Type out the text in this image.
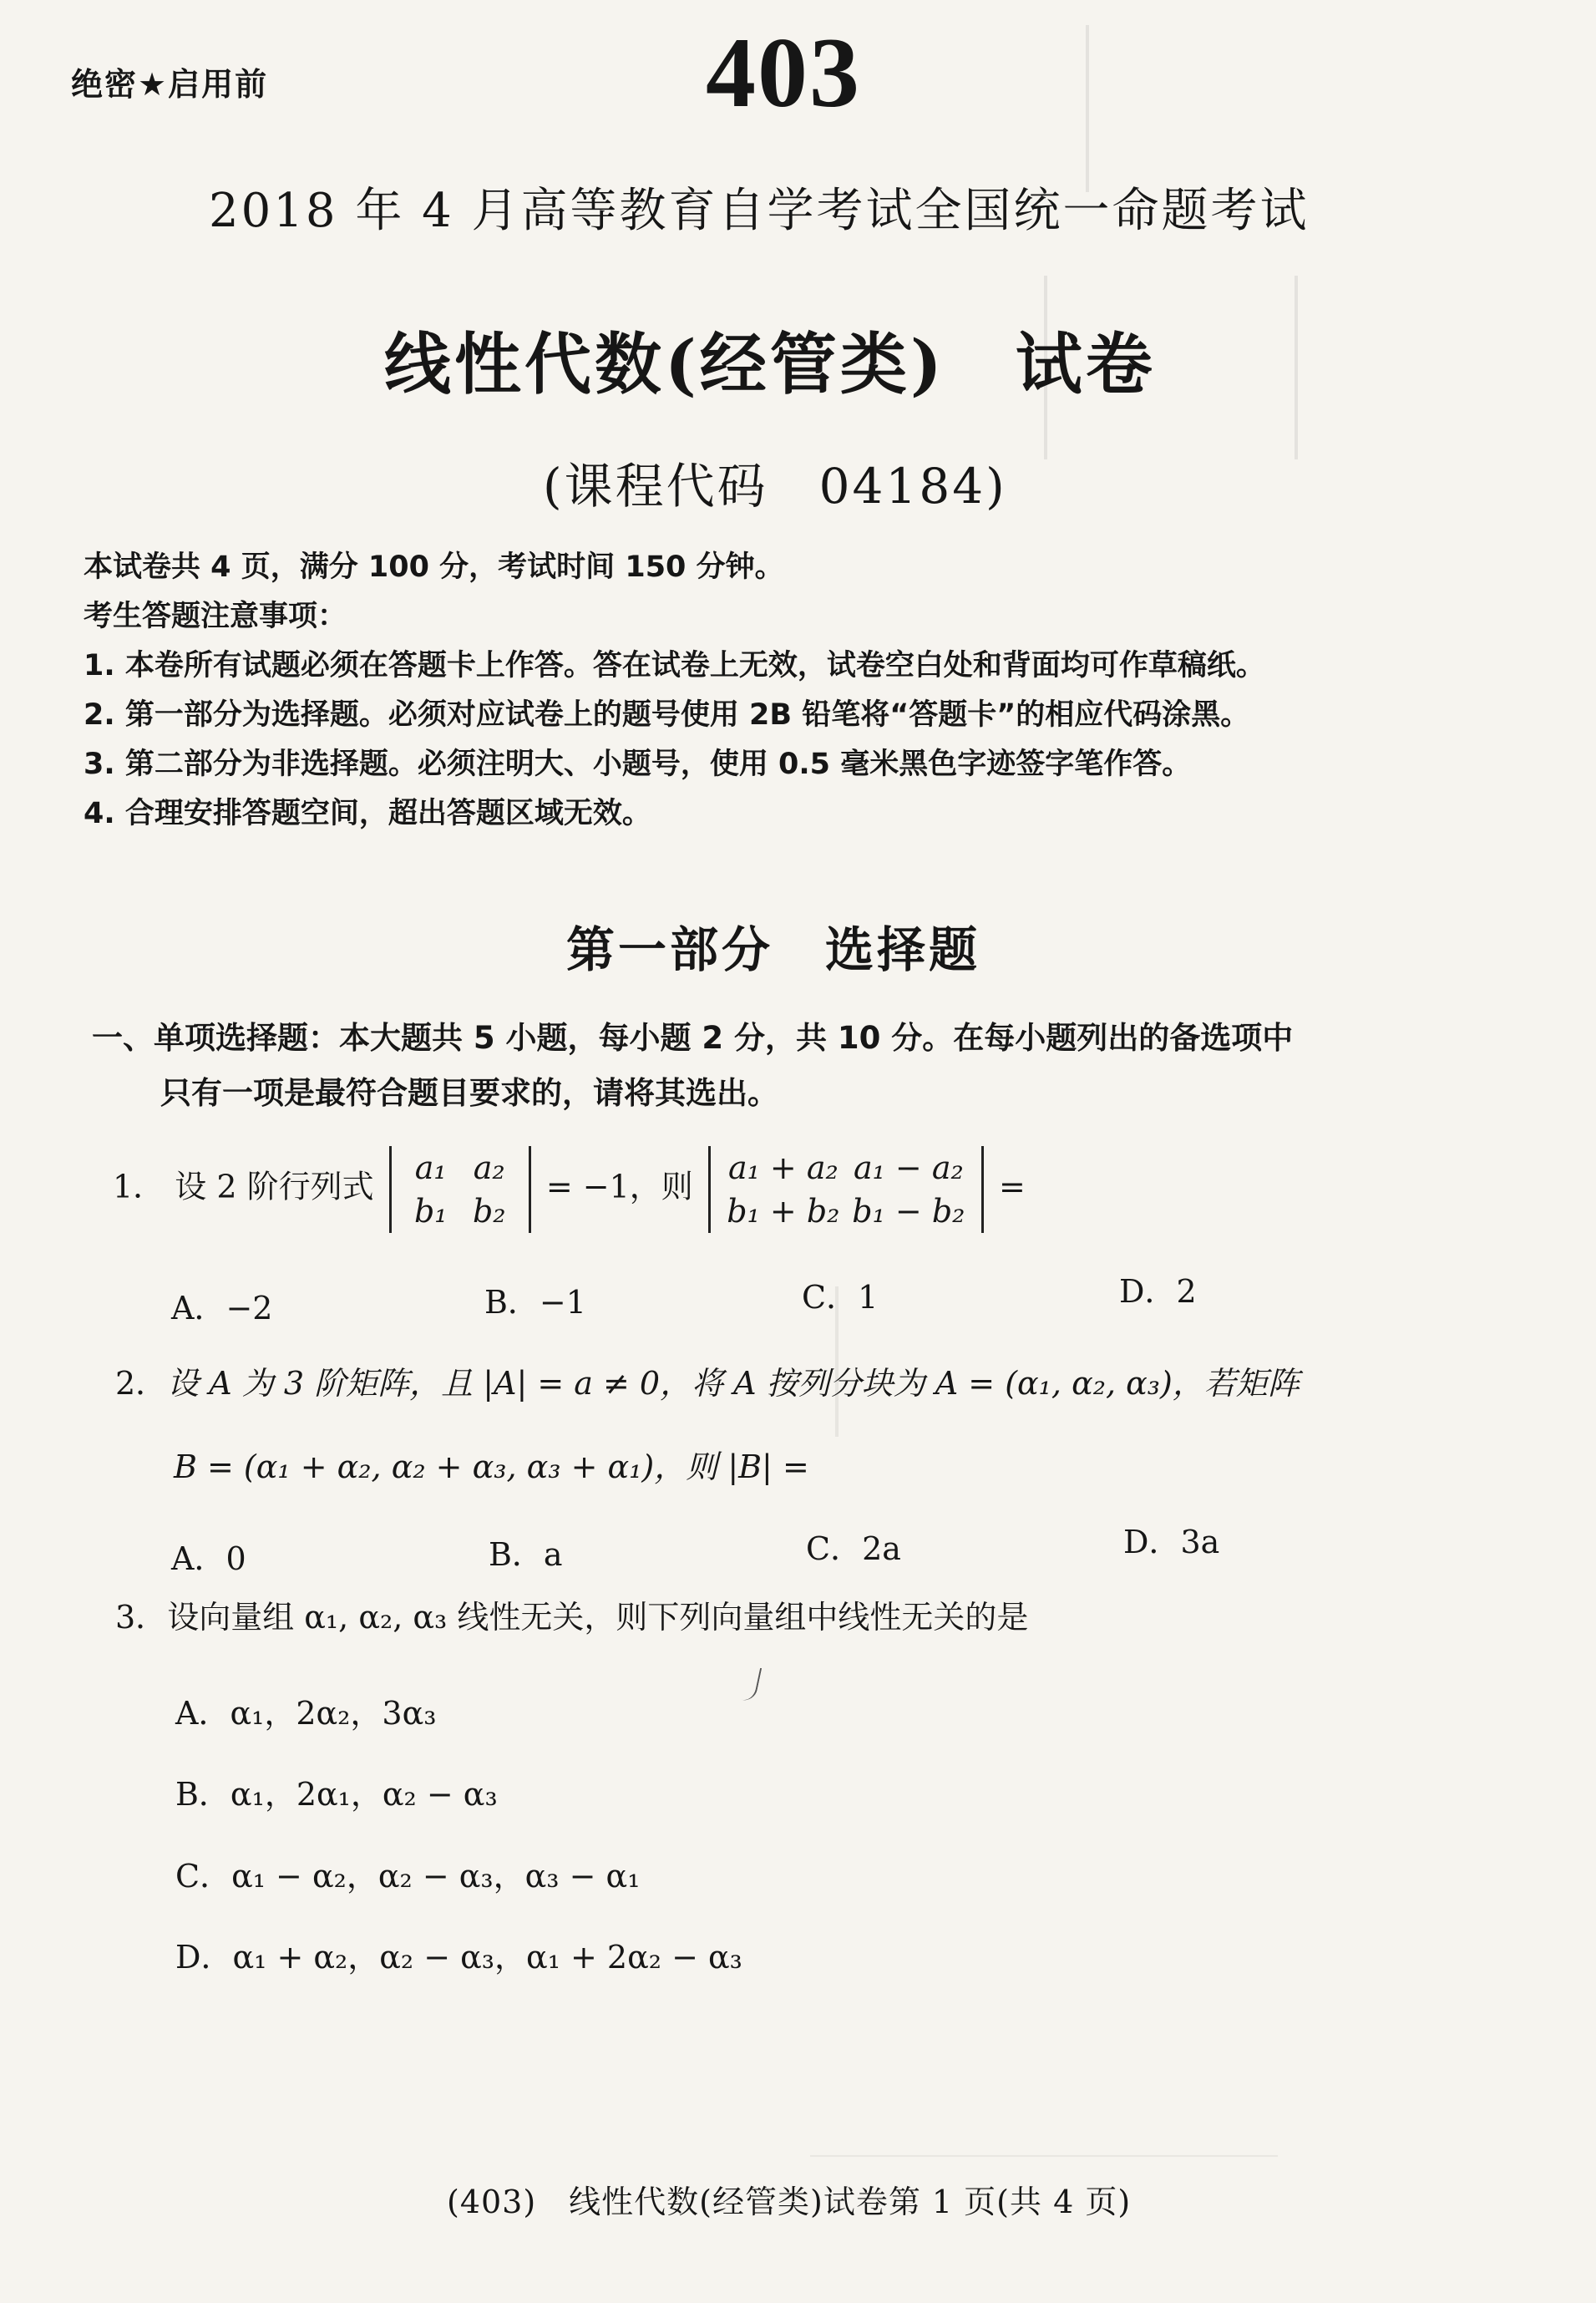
绝密★启用前	403
2018 年 4 月高等教育自学考试全国统一命题考试
线性代数(经管类)　试卷
(课程代码　04184)
本试卷共 4 页，满分 100 分，考试时间 150 分钟。
考生答题注意事项：
1. 本卷所有试题必须在答题卡上作答。答在试卷上无效，试卷空白处和背面均可作草稿纸。
2. 第一部分为选择题。必须对应试卷上的题号使用 2B 铅笔将“答题卡”的相应代码涂黑。
3. 第二部分为非选择题。必须注明大、小题号，使用 0.5 毫米黑色字迹签字笔作答。
4. 合理安排答题空间，超出答题区域无效。
第一部分　选择题
一、单项选择题：本大题共 5 小题，每小题 2 分，共 10 分。在每小题列出的备选项中
只有一项是最符合题目要求的，请将其选出。
1． 设 2 阶行列式
a₁ a₂
b₁ b₂
= −1，则
a₁ + a₂ a₁ − a₂
b₁ + b₂ b₁ − b₂
=
A．−2	B．−1	C．1	D．2
2．设 A 为 3 阶矩阵，且 |A| = a ≠ 0，将 A 按列分块为 A = (α₁, α₂, α₃)，若矩阵
B = (α₁ + α₂, α₂ + α₃, α₃ + α₁)，则 |B| =
A．0	B．a	C．2a	D．3a
3．设向量组 α₁, α₂, α₃ 线性无关，则下列向量组中线性无关的是
A．α₁，2α₂，3α₃
B．α₁，2α₁，α₂ − α₃
C．α₁ − α₂，α₂ − α₃，α₃ − α₁
D．α₁ + α₂，α₂ − α₃，α₁ + 2α₂ − α₃
(403)　线性代数(经管类)试卷第 1 页(共 4 页)
